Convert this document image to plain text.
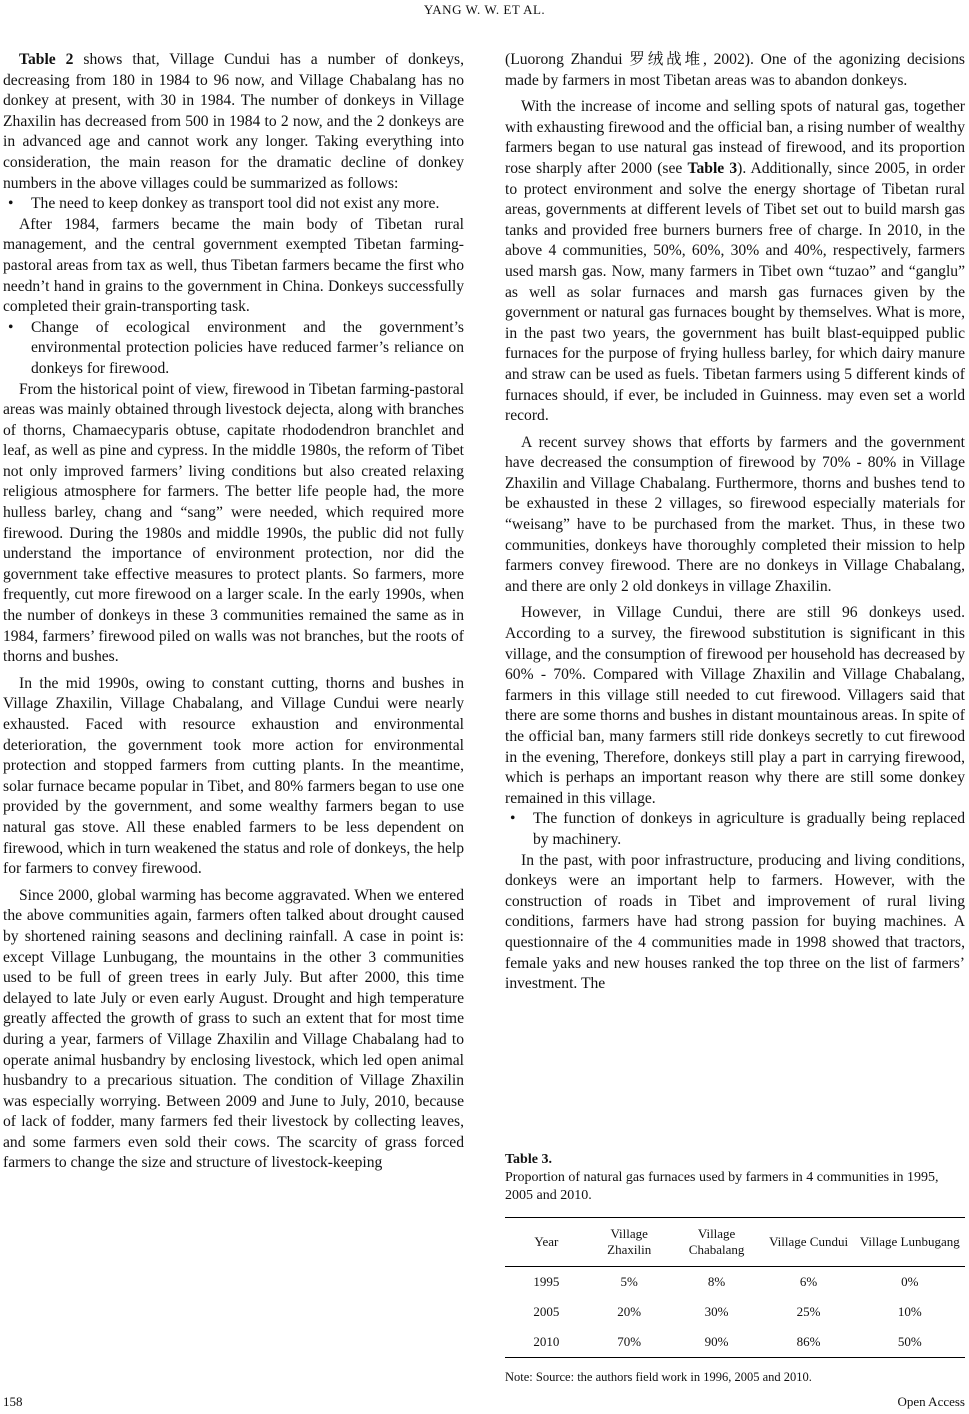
YANG W. W. ET AL.

Table 2 shows that, Village Cundui has a number of donkeys, decreasing from 180 in 1984 to 96 now, and Village Chabalang has no donkey at present, with 30 in 1984. The number of donkeys in Village Zhaxilin has decreased from 500 in 1984 to 2 now, and the 2 donkeys are in advanced age and cannot work any longer. Taking everything into consideration, the main reason for the dramatic decline of donkey numbers in the above villages could be summarized as follows:

• The need to keep donkey as transport tool did not exist any more.

After 1984, farmers became the main body of Tibetan rural management, and the central government exempted Tibetan farming-pastoral areas from tax as well, thus Tibetan farmers became the first who needn’t hand in grains to the government in China. Donkeys successfully completed their grain-transporting task.

• Change of ecological environment and the government’s environmental protection policies have reduced farmer’s reliance on donkeys for firewood.

From the historical point of view, firewood in Tibetan farming-pastoral areas was mainly obtained through livestock dejecta, along with branches of thorns, Chamaecyparis obtuse, capitate rhododendron branchlet and leaf, as well as pine and cypress. In the middle 1980s, the reform of Tibet not only improved farmers’ living conditions but also created relaxing religious atmosphere for farmers. The better life people had, the more hulless barley, chang and “sang” were needed, which required more firewood. During the 1980s and middle 1990s, the public did not fully understand the importance of environment protection, nor did the government take effective measures to protect plants. So farmers, more frequently, cut more firewood on a larger scale. In the early 1990s, when the number of donkeys in these 3 communities remained the same as in 1984, farmers’ firewood piled on walls was not branches, but the roots of thorns and bushes.

In the mid 1990s, owing to constant cutting, thorns and bushes in Village Zhaxilin, Village Chabalang, and Village Cundui were nearly exhausted. Faced with resource exhaustion and environmental deterioration, the government took more action for environmental protection and stopped farmers from cutting plants. In the meantime, solar furnace became popular in Tibet, and 80% farmers began to use one provided by the government, and some wealthy farmers began to use natural gas stove. All these enabled farmers to be less dependent on firewood, which in turn weakened the status and role of donkeys, the help for farmers to convey firewood.

Since 2000, global warming has become aggravated. When we entered the above communities again, farmers often talked about drought caused by shortened raining seasons and declining rainfall. A case in point is: except Village Lunbugang, the mountains in the other 3 communities used to be full of green trees in early July. But after 2000, this time delayed to late July or even early August. Drought and high temperature greatly affected the growth of grass to such an extent that for most time during a year, farmers of Village Zhaxilin and Village Chabalang had to operate animal husbandry by enclosing livestock, which led open animal husbandry to a precarious situation. The condition of Village Zhaxilin was especially worrying. Between 2009 and June to July, 2010, because of lack of fodder, many farmers fed their livestock by collecting leaves, and some farmers even sold their cows. The scarcity of grass forced farmers to change the size and structure of livestock-keeping

(Luorong Zhandui 罗绒战堆, 2002). One of the agonizing decisions made by farmers in most Tibetan areas was to abandon donkeys.

With the increase of income and selling spots of natural gas, together with exhausting firewood and the official ban, a rising number of wealthy farmers began to use natural gas instead of firewood, and its proportion rose sharply after 2000 (see Table 3). Additionally, since 2005, in order to protect environment and solve the energy shortage of Tibetan rural areas, governments at different levels of Tibet set out to build marsh gas tanks and provided free burners burners free of charge. In 2010, in the above 4 communities, 50%, 60%, 30% and 40%, respectively, farmers used marsh gas. Now, many farmers in Tibet own “tuzao” and “ganglu” as well as solar furnaces and marsh gas furnaces given by the government or natural gas furnaces bought by themselves. What is more, in the past two years, the government has built blast-equipped public furnaces for the purpose of frying hulless barley, for which dairy manure and straw can be used as fuels. Tibetan farmers using 5 different kinds of furnaces should, if ever, be included in Guinness. may even set a world record.

A recent survey shows that efforts by farmers and the government have decreased the consumption of firewood by 70% - 80% in Village Zhaxilin and Village Chabalang. Furthermore, thorns and bushes tend to be exhausted in these 2 villages, so firewood especially materials for “weisang” have to be purchased from the market. Thus, in these two communities, donkeys have thoroughly completed their mission to help farmers convey firewood. There are no donkeys in Village Chabalang, and there are only 2 old donkeys in village Zhaxilin.

However, in Village Cundui, there are still 96 donkeys used. According to a survey, the firewood substitution is significant in this village, and the consumption of firewood per household has decreased by 60% - 70%. Compared with Village Zhaxilin and Village Chabalang, farmers in this village still needed to cut firewood. Villagers said that there are some thorns and bushes in distant mountainous areas. In spite of the official ban, many farmers still ride donkeys secretly to cut firewood in the evening, Therefore, donkeys still play a part in carrying firewood, which is perhaps an important reason why there are still some donkey remained in this village.

• The function of donkeys in agriculture is gradually being replaced by machinery.

In the past, with poor infrastructure, producing and living conditions, donkeys were an important help to farmers. However, with the construction of roads in Tibet and improvement of rural living conditions, farmers have had strong passion for buying machines. A questionnaire of the 4 communities made in 1998 showed that tractors, female yaks and new houses ranked the top three on the list of farmers’ investment. The

Table 3.
Proportion of natural gas furnaces used by farmers in 4 communities in 1995, 2005 and 2010.
Year	Village Zhaxilin	Village Chabalang	Village Cundui	Village Lunbugang
1995	5%	8%	6%	0%
2005	20%	30%	25%	10%
2010	70%	90%	86%	50%
Note: Source: the authors field work in 1996, 2005 and 2010.
158	Open Access
